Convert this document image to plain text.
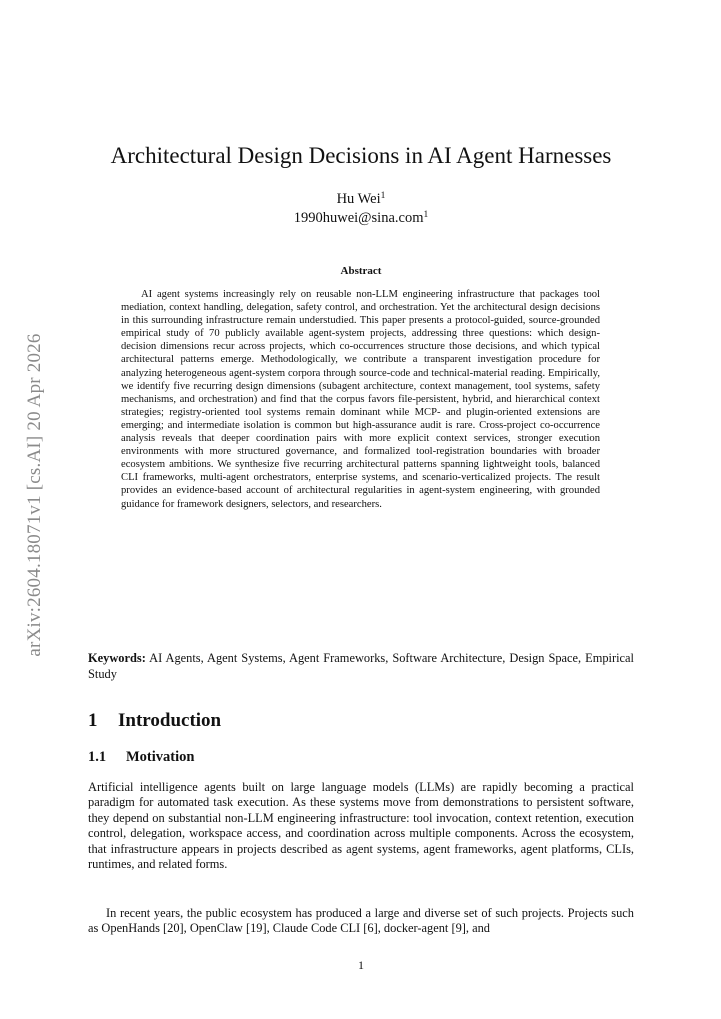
arXiv:2604.18071v1 [cs.AI] 20 Apr 2026
Architectural Design Decisions in AI Agent Harnesses
Hu Wei$^1$
1990huwei@sina.com$^1$
Abstract
AI agent systems increasingly rely on reusable non-LLM engineering infrastructure that packages tool mediation, context handling, delegation, safety control, and orchestration. Yet the architectural design decisions in this surrounding infrastructure remain understudied. This paper presents a protocol-guided, source-grounded empirical study of 70 publicly available agent-system projects, addressing three questions: which design-decision dimensions recur across projects, which co-occurrences structure those decisions, and which typical architectural patterns emerge. Methodologically, we contribute a transparent investigation procedure for analyzing heterogeneous agent-system corpora through source-code and technical-material reading. Empirically, we identify five recurring design dimensions (subagent architecture, context management, tool systems, safety mechanisms, and orchestration) and find that the corpus favors file-persistent, hybrid, and hierarchical context strategies; registry-oriented tool systems remain dominant while MCP- and plugin-oriented extensions are emerging; and intermediate isolation is common but high-assurance audit is rare. Cross-project co-occurrence analysis reveals that deeper coordination pairs with more explicit context services, stronger execution environments with more structured governance, and formalized tool-registration boundaries with broader ecosystem ambitions. We synthesize five recurring architectural patterns spanning lightweight tools, balanced CLI frameworks, multi-agent orchestrators, enterprise systems, and scenario-verticalized projects. The result provides an evidence-based account of architectural regularities in agent-system engineering, with grounded guidance for framework designers, selectors, and researchers.
Keywords: AI Agents, Agent Systems, Agent Frameworks, Software Architecture, Design Space, Empirical Study
1 Introduction
1.1 Motivation
Artificial intelligence agents built on large language models (LLMs) are rapidly becoming a practical paradigm for automated task execution. As these systems move from demonstrations to persistent software, they depend on substantial non-LLM engineering infrastructure: tool invocation, context retention, execution control, delegation, workspace access, and coordination across multiple components. Across the ecosystem, that infrastructure appears in projects described as agent systems, agent frameworks, agent platforms, CLIs, runtimes, and related forms.
In recent years, the public ecosystem has produced a large and diverse set of such projects. Projects such as OpenHands [20], OpenClaw [19], Claude Code CLI [6], docker-agent [9], and
1
